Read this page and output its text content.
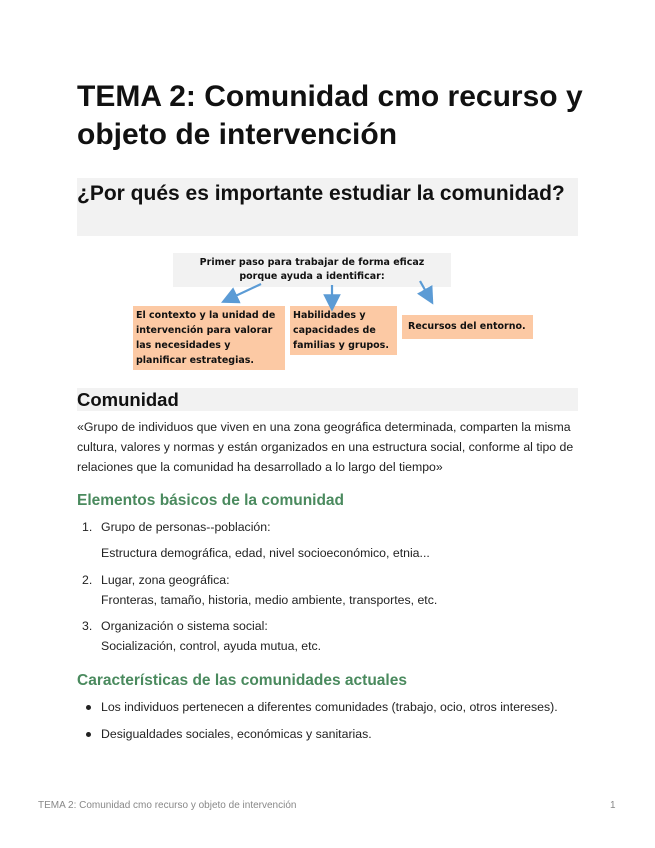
TEMA 2: Comunidad cmo recurso y objeto de intervención
¿Por qués es importante estudiar la comunidad?
Primer paso para trabajar de forma eficaz
porque ayuda a identificar:
El contexto y la unidad de intervención para valorar las necesidades y planificar estrategias.
Habilidades y capacidades de familias y grupos.
Recursos del entorno.
Comunidad

«Grupo de individuos que viven en una zona geográfica determinada, comparten la misma cultura, valores y normas y están organizados en una estructura social, conforme al tipo de relaciones que la comunidad ha desarrollado a lo largo del tiempo»

Elementos básicos de la comunidad
1. Grupo de personas--población:
Estructura demográfica, edad, nivel socioeconómico, etnia...
2. Lugar, zona geográfica:
Fronteras, tamaño, historia, medio ambiente, transportes, etc.
3. Organización o sistema social:
Socialización, control, ayuda mutua, etc.
Características de las comunidades actuales
Los individuos pertenecen a diferentes comunidades (trabajo, ocio, otros intereses).
Desigualdades sociales, económicas y sanitarias.
TEMA 2: Comunidad cmo recurso y objeto de intervención	1
